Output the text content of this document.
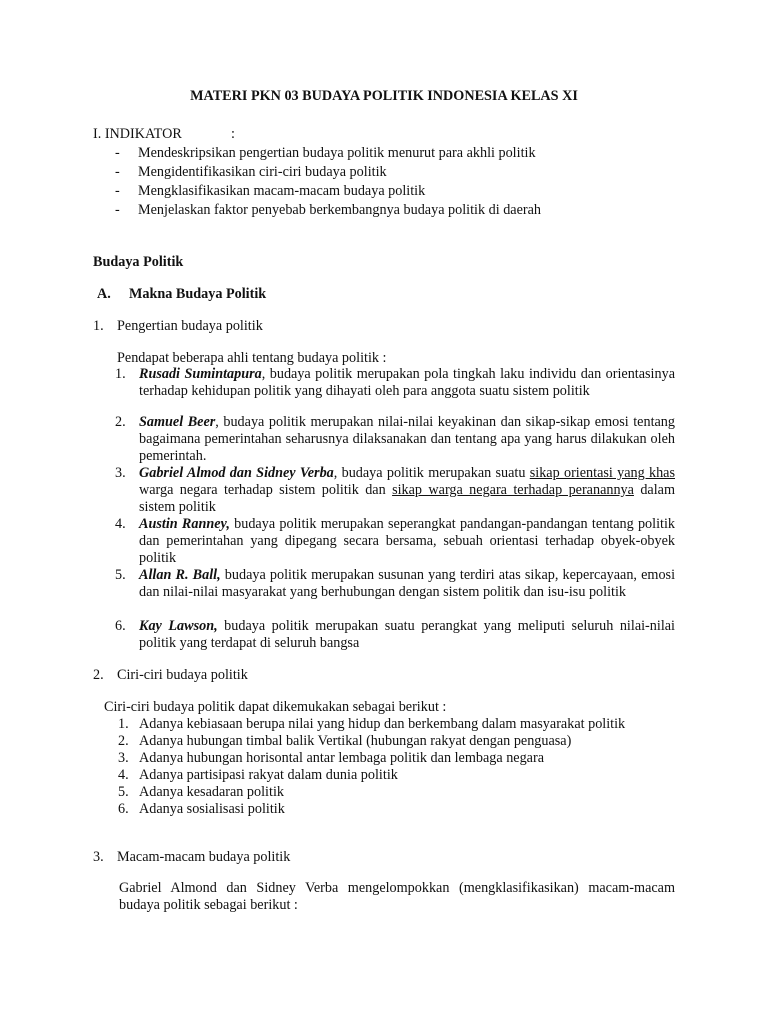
MATERI PKN 03 BUDAYA POLITIK INDONESIA KELAS XI
I. INDIKATOR	:
- Mendeskripsikan pengertian budaya politik menurut para akhli politik
- Mengidentifikasikan ciri-ciri budaya politik
- Mengklasifikasikan macam-macam budaya politik
- Menjelaskan faktor penyebab berkembangnya budaya politik di daerah
Budaya Politik
A. Makna Budaya Politik
1. Pengertian budaya politik
Pendapat beberapa ahli tentang budaya politik :
1. Rusadi Sumintapura, budaya politik merupakan pola tingkah laku individu dan orientasinya terhadap kehidupan politik yang dihayati oleh para anggota suatu sistem politik
2. Samuel Beer, budaya politik merupakan nilai-nilai keyakinan dan sikap-sikap emosi tentang bagaimana pemerintahan seharusnya dilaksanakan dan tentang apa yang harus dilakukan oleh pemerintah.
3. Gabriel Almod dan Sidney Verba, budaya politik merupakan suatu sikap orientasi yang khas warga negara terhadap sistem politik dan sikap warga negara terhadap peranannya dalam sistem politik
4. Austin Ranney, budaya politik merupakan seperangkat pandangan-pandangan tentang politik dan pemerintahan yang dipegang secara bersama, sebuah orientasi terhadap obyek-obyek politik
5. Allan R. Ball, budaya politik merupakan susunan yang terdiri atas sikap, kepercayaan, emosi dan nilai-nilai masyarakat yang berhubungan dengan sistem politik dan isu-isu politik
6. Kay Lawson, budaya politik merupakan suatu perangkat yang meliputi seluruh nilai-nilai politik yang terdapat di seluruh bangsa
2. Ciri-ciri budaya politik
Ciri-ciri budaya politik dapat dikemukakan sebagai berikut :
1. Adanya kebiasaan berupa nilai yang hidup dan berkembang dalam masyarakat politik
2. Adanya hubungan timbal balik Vertikal (hubungan rakyat dengan penguasa)
3. Adanya hubungan horisontal antar lembaga politik dan lembaga negara
4. Adanya partisipasi rakyat dalam dunia politik
5. Adanya kesadaran politik
6. Adanya sosialisasi politik
3. Macam-macam budaya politik
Gabriel Almond dan Sidney Verba mengelompokkan (mengklasifikasikan) macam-macam budaya politik sebagai berikut :
